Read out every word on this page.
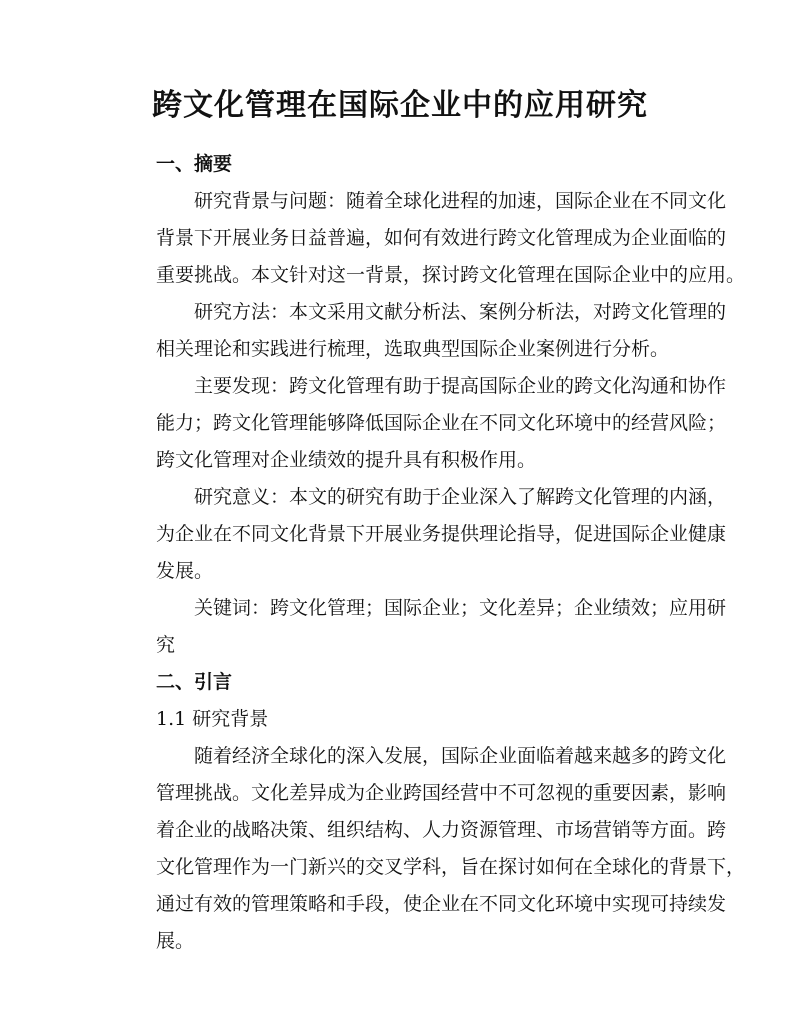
跨文化管理在国际企业中的应用研究
一、摘要
研究背景与问题：随着全球化进程的加速，国际企业在不同文化
背景下开展业务日益普遍，如何有效进行跨文化管理成为企业面临的
重要挑战。本文针对这一背景，探讨跨文化管理在国际企业中的应用。
研究方法：本文采用文献分析法、案例分析法，对跨文化管理的
相关理论和实践进行梳理，选取典型国际企业案例进行分析。
主要发现：跨文化管理有助于提高国际企业的跨文化沟通和协作
能力；跨文化管理能够降低国际企业在不同文化环境中的经营风险；
跨文化管理对企业绩效的提升具有积极作用。
研究意义：本文的研究有助于企业深入了解跨文化管理的内涵，
为企业在不同文化背景下开展业务提供理论指导，促进国际企业健康
发展。
关键词：跨文化管理；国际企业；文化差异；企业绩效；应用研
究
二、引言
1.1 研究背景
随着经济全球化的深入发展，国际企业面临着越来越多的跨文化
管理挑战。文化差异成为企业跨国经营中不可忽视的重要因素，影响
着企业的战略决策、组织结构、人力资源管理、市场营销等方面。跨
文化管理作为一门新兴的交叉学科，旨在探讨如何在全球化的背景下，
通过有效的管理策略和手段，使企业在不同文化环境中实现可持续发
展。
